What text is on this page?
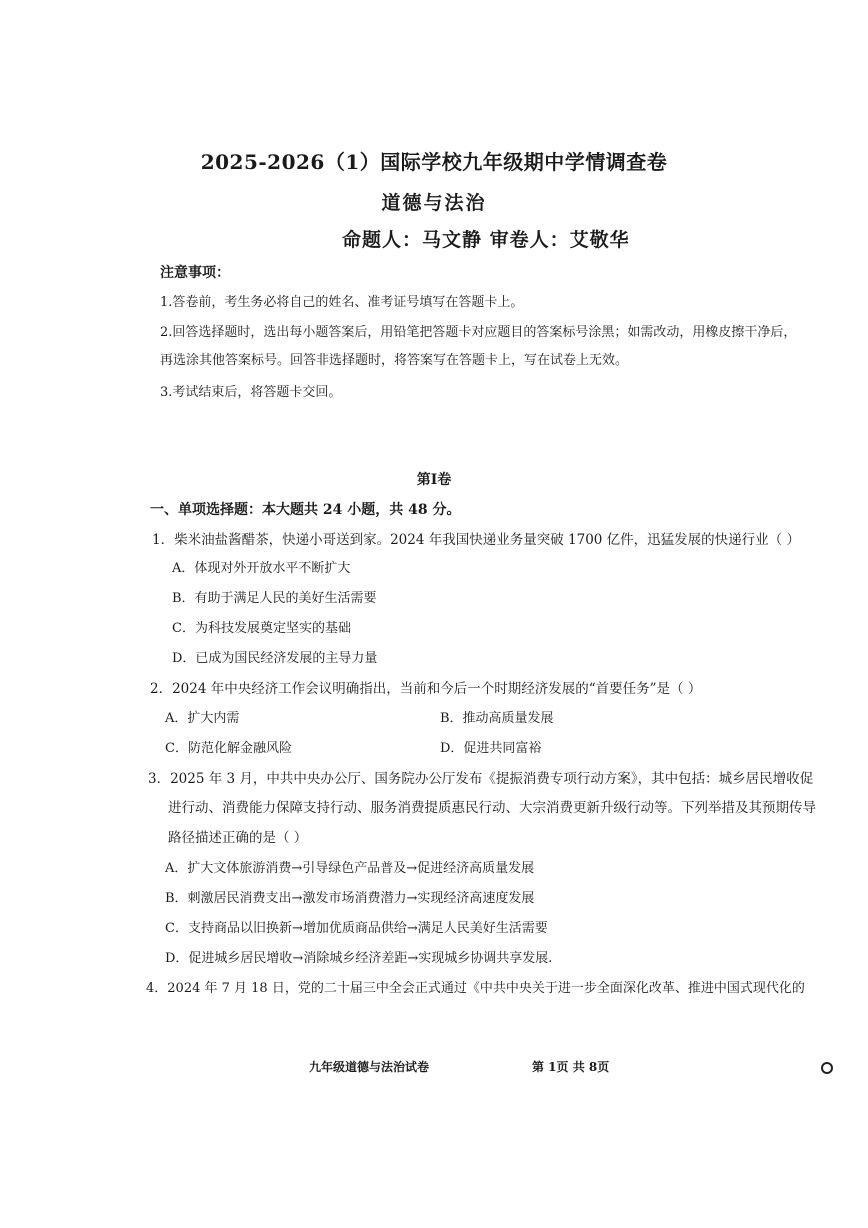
2025-2026（1）国际学校九年级期中学情调查卷
道德与法治
命题人：马文静 审卷人：艾敬华
注意事项：
1.答卷前，考生务必将自己的姓名、准考证号填写在答题卡上。
2.回答选择题时，选出每小题答案后，用铅笔把答题卡对应题目的答案标号涂黑；如需改动，用橡皮擦干净后，
再选涂其他答案标号。回答非选择题时，将答案写在答题卡上，写在试卷上无效。
3.考试结束后，将答题卡交回。
第Ⅰ卷
一、单项选择题：本大题共 24 小题，共 48 分。
1．柴米油盐酱醋茶，快递小哥送到家。2024 年我国快递业务量突破 1700 亿件，迅猛发展的快递行业（ ）
A．体现对外开放水平不断扩大
B．有助于满足人民的美好生活需要
C．为科技发展奠定坚实的基础
D．已成为国民经济发展的主导力量
2．2024 年中央经济工作会议明确指出，当前和今后一个时期经济发展的“首要任务”是（ ）
A．扩大内需	B．推动高质量发展
C．防范化解金融风险	D．促进共同富裕
3．2025 年 3 月，中共中央办公厅、国务院办公厅发布《提振消费专项行动方案》，其中包括：城乡居民增收促
进行动、消费能力保障支持行动、服务消费提质惠民行动、大宗消费更新升级行动等。下列举措及其预期传导
路径描述正确的是（ ）
A．扩大文体旅游消费→引导绿色产品普及→促进经济高质量发展
B．刺激居民消费支出→激发市场消费潜力→实现经济高速度发展
C．支持商品以旧换新→增加优质商品供给→满足人民美好生活需要
D．促进城乡居民增收→消除城乡经济差距→实现城乡协调共享发展.
4．2024 年 7 月 18 日，党的二十届三中全会正式通过《中共中央关于进一步全面深化改革、推进中国式现代化的
九年级道德与法治试卷	第 1页 共 8页
